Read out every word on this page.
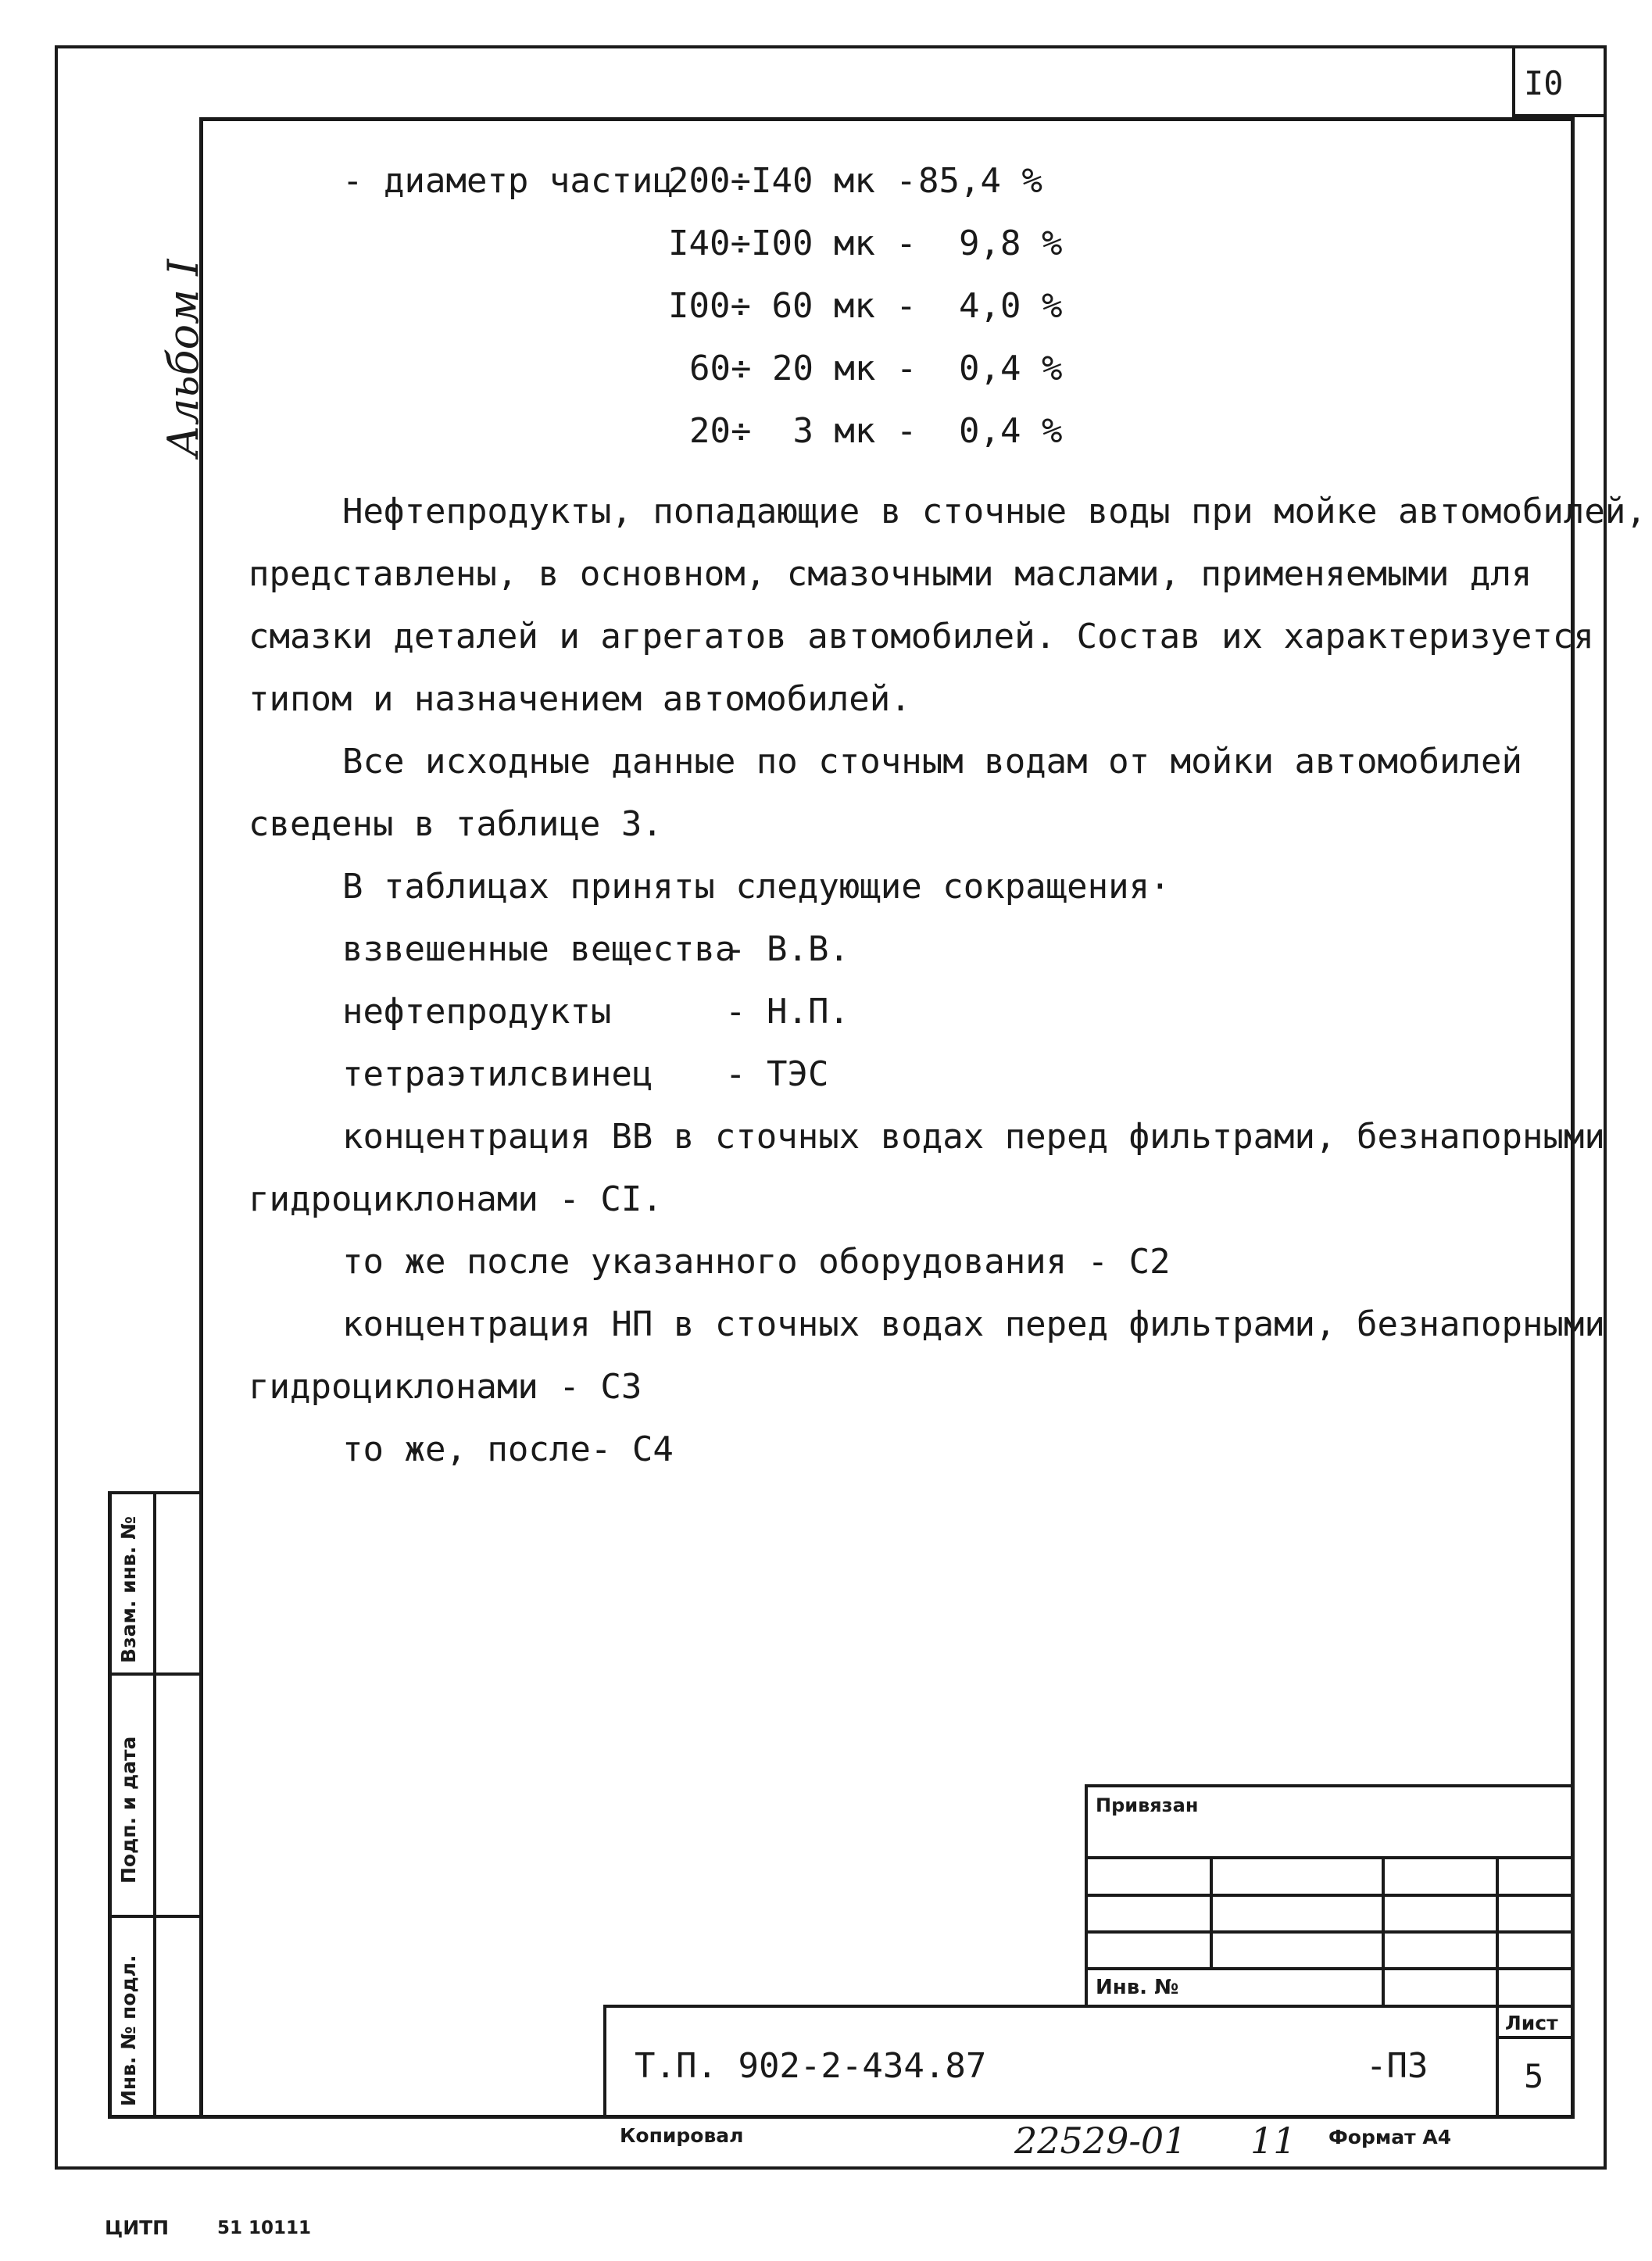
I0
Альбом I
- диаметр частиц
200÷I40 мк - 85,4 %
I40÷I00 мк - 9,8 %
I00÷ 60 мк - 4,0 %
60÷ 20 мк - 0,4 %
20÷  3 мк - 0,4 %
Нефтепродукты, попадающие в сточные воды при мойке автомобилей,
представлены, в основном, смазочными маслами, применяемыми для
смазки деталей и агрегатов автомобилей. Состав их характеризуется
типом и назначением автомобилей.
Все исходные данные по сточным водам от мойки автомобилей
сведены в таблице 3.
В таблицах приняты следующие сокращения·
взвешенные вещества
- В.В.
нефтепродукты	- Н.П.
тетраэтилсвинец - ТЭС
концентрация ВВ в сточных водах перед фильтрами, безнапорными
гидроциклонами - СI.
то же после указанного оборудования - С2
концентрация НП в сточных водах перед фильтрами, безнапорными
гидроциклонами - С3
то же, после- С4
Взам. инв. №
Подп. и дата
Инв. № подл.
Привязан
Инв. №
Т.П. 902-2-434.87	-ПЗ
Лист
5
Копировал	22529-01 11 Формат А4
ЦИТП	51 10111
